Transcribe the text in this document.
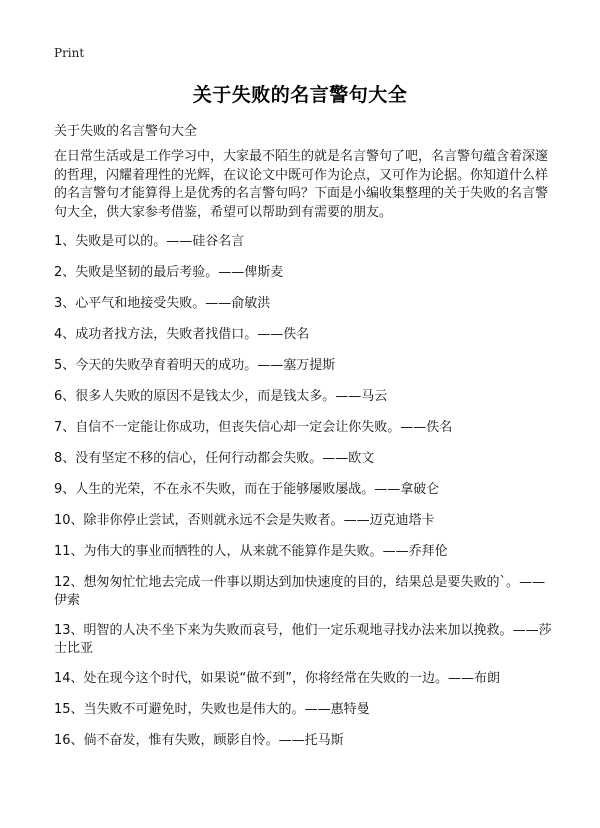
Print
关于失败的名言警句大全
关于失败的名言警句大全
在日常生活或是工作学习中，大家最不陌生的就是名言警句了吧，名言警句蕴含着深邃的哲理，闪耀着理性的光辉，在议论文中既可作为论点，又可作为论据。你知道什么样的名言警句才能算得上是优秀的名言警句吗？下面是小编收集整理的关于失败的名言警句大全，供大家参考借鉴，希望可以帮助到有需要的朋友。
1、失败是可以的。——硅谷名言
2、失败是坚韧的最后考验。——俾斯麦
3、心平气和地接受失败。——俞敏洪
4、成功者找方法，失败者找借口。——佚名
5、今天的失败孕育着明天的成功。——塞万提斯
6、很多人失败的原因不是钱太少，而是钱太多。——马云
7、自信不一定能让你成功，但丧失信心却一定会让你失败。——佚名
8、没有坚定不移的信心，任何行动都会失败。——欧文
9、人生的光荣，不在永不失败，而在于能够屡败屡战。——拿破仑
10、除非你停止尝试，否则就永远不会是失败者。——迈克迪塔卡
11、为伟大的事业而牺牲的人，从来就不能算作是失败。——乔拜伦
12、想匆匆忙忙地去完成一件事以期达到加快速度的目的，结果总是要失败的`。——伊索
13、明智的人决不坐下来为失败而哀号，他们一定乐观地寻找办法来加以挽救。——莎士比亚
14、处在现今这个时代，如果说“做不到”，你将经常在失败的一边。——布朗
15、当失败不可避免时，失败也是伟大的。——惠特曼
16、倘不奋发，惟有失败，顾影自怜。——托马斯
